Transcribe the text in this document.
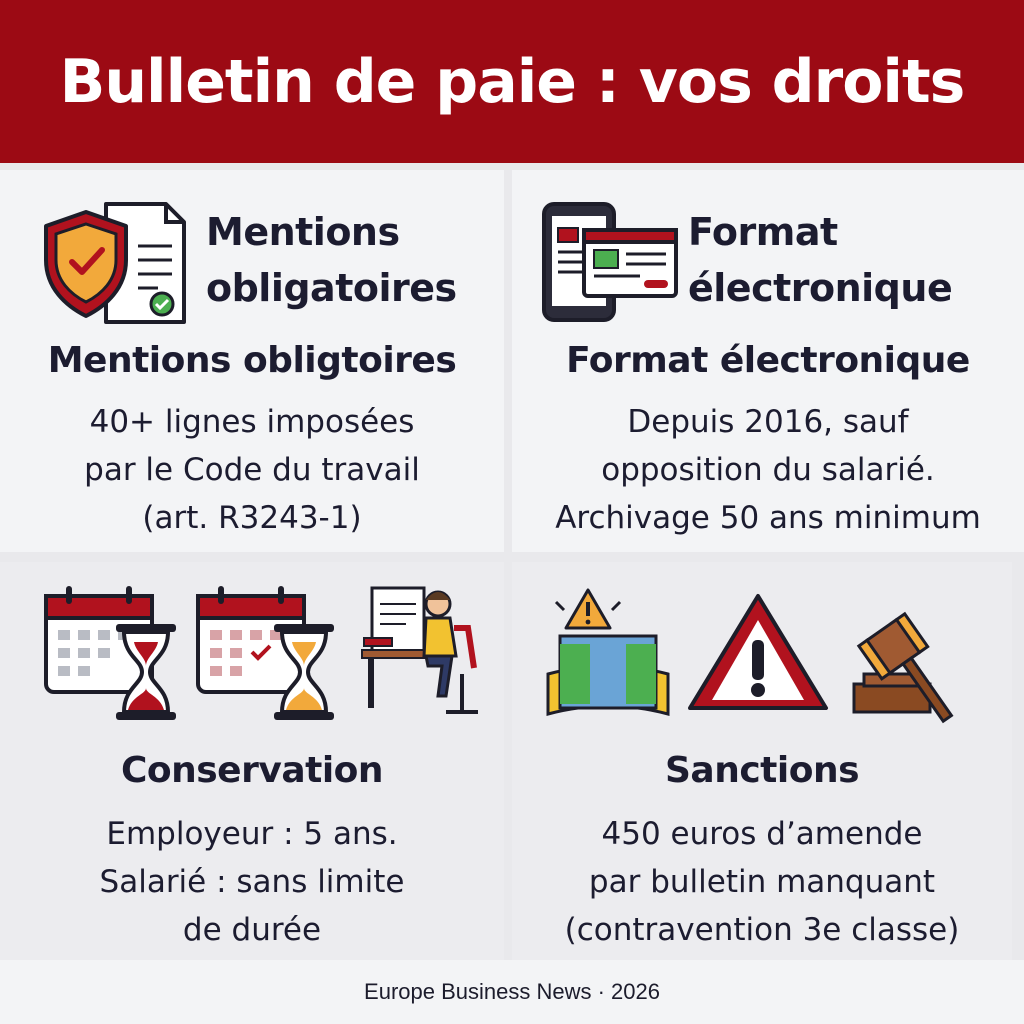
Bulletin de paie : vos droits
Mentions
obligatoires
Mentions obligtoires
40+ lignes imposées
par le Code du travail
(art. R3243-1)
Format
électronique
Format électronique
Depuis 2016, sauf
opposition du salarié.
Archivage 50 ans minimum
Conservation
Employeur : 5 ans.
Salarié : sans limite
de durée
Sanctions
450 euros d’amende
par bulletin manquant
(contravention 3e classe)
Europe Business News · 2026
